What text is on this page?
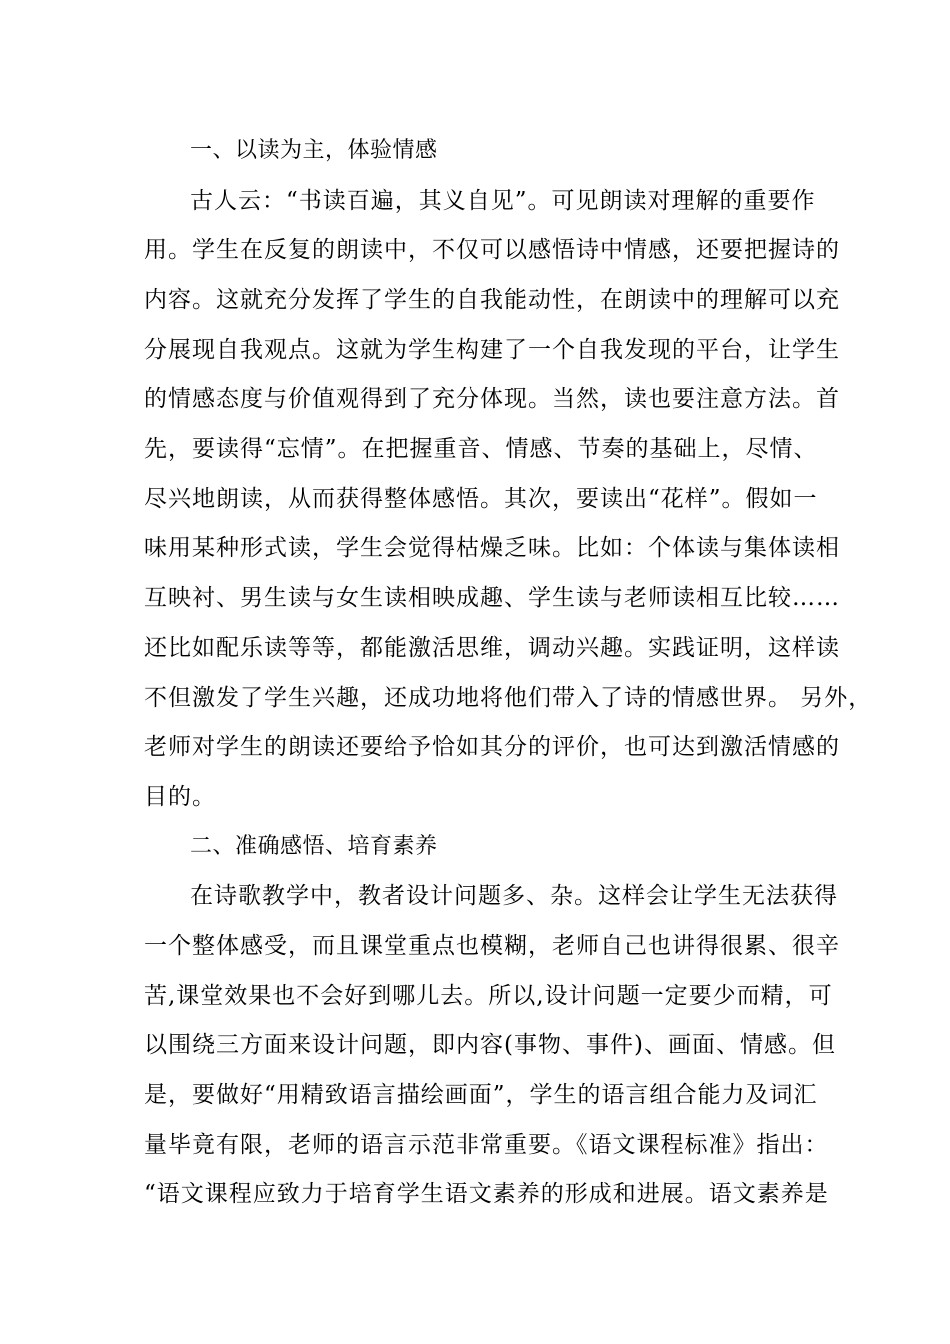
一、以读为主，体验情感
古人云：“书读百遍，其义自见”。可见朗读对理解的重要作
用。学生在反复的朗读中，不仅可以感悟诗中情感，还要把握诗的
内容。这就充分发挥了学生的自我能动性，在朗读中的理解可以充
分展现自我观点。这就为学生构建了一个自我发现的平台，让学生
的情感态度与价值观得到了充分体现。当然，读也要注意方法。首
先，要读得“忘情”。在把握重音、情感、节奏的基础上，尽情、
尽兴地朗读，从而获得整体感悟。其次，要读出“花样”。假如一
味用某种形式读，学生会觉得枯燥乏味。比如：个体读与集体读相
互映衬、男生读与女生读相映成趣、学生读与老师读相互比较……
还比如配乐读等等，都能激活思维，调动兴趣。实践证明，这样读
不但激发了学生兴趣，还成功地将他们带入了诗的情感世界。 另外，
老师对学生的朗读还要给予恰如其分的评价，也可达到激活情感的
目的。
二、准确感悟、培育素养
在诗歌教学中，教者设计问题多、杂。这样会让学生无法获得
一个整体感受，而且课堂重点也模糊，老师自己也讲得很累、很辛
苦,课堂效果也不会好到哪儿去。所以,设计问题一定要少而精，可
以围绕三方面来设计问题，即内容(事物、事件)、画面、情感。但
是，要做好“用精致语言描绘画面”，学生的语言组合能力及词汇
量毕竟有限，老师的语言示范非常重要。《语文课程标准》指出：
“语文课程应致力于培育学生语文素养的形成和进展。语文素养是
